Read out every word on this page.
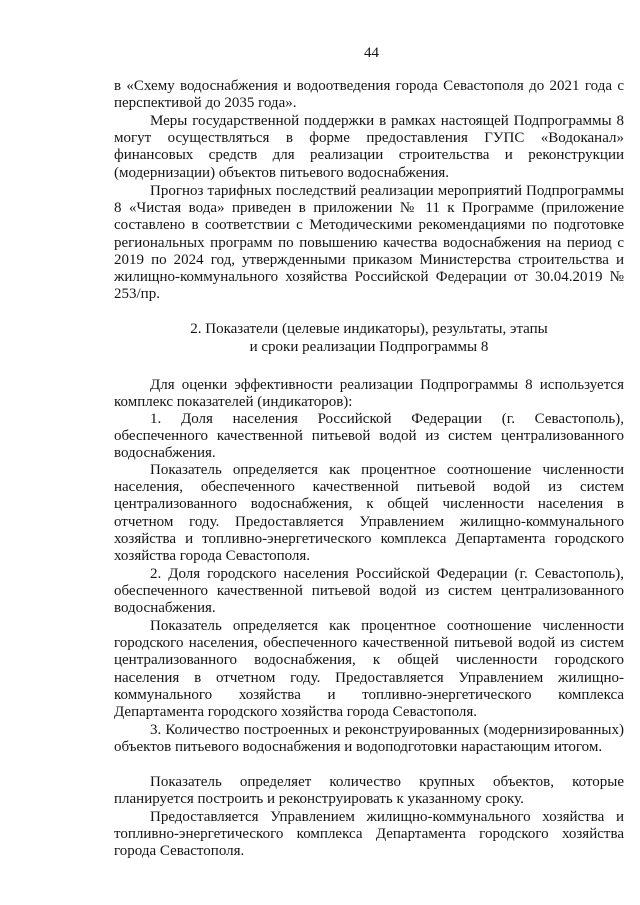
44

в «Схему водоснабжения и водоотведения города Севастополя до 2021 года с перспективой до 2035 года».

Меры государственной поддержки в рамках настоящей Подпрограммы 8 могут осуществляться в форме предоставления ГУПС «Водоканал» финансовых средств для реализации строительства и реконструкции (модернизации) объектов питьевого водоснабжения.

Прогноз тарифных последствий реализации мероприятий Подпрограммы 8 «Чистая вода» приведен в приложении № 11 к Программе (приложение составлено в соответствии с Методическими рекомендациями по подготовке региональных программ по повышению качества водоснабжения на период с 2019 по 2024 год, утвержденными приказом Министерства строительства и жилищно-коммунального хозяйства Российской Федерации от 30.04.2019 № 253/пр.

2. Показатели (целевые индикаторы), результаты, этапы
и сроки реализации Подпрограммы 8

Для оценки эффективности реализации Подпрограммы 8 используется комплекс показателей (индикаторов):

1. Доля населения Российской Федерации (г. Севастополь), обеспеченного качественной питьевой водой из систем централизованного водоснабжения.

Показатель определяется как процентное соотношение численности населения, обеспеченного качественной питьевой водой из систем централизованного водоснабжения, к общей численности населения в отчетном году. Предоставляется Управлением жилищно-коммунального хозяйства и топливно-энергетического комплекса Департамента городского хозяйства города Севастополя.

2. Доля городского населения Российской Федерации (г. Севастополь), обеспеченного качественной питьевой водой из систем централизованного водоснабжения.

Показатель определяется как процентное соотношение численности городского населения, обеспеченного качественной питьевой водой из систем централизованного водоснабжения, к общей численности городского населения в отчетном году. Предоставляется Управлением жилищно-коммунального хозяйства и топливно-энергетического комплекса Департамента городского хозяйства города Севастополя.

3. Количество построенных и реконструированных (модернизированных) объектов питьевого водоснабжения и водоподготовки нарастающим итогом.

Показатель определяет количество крупных объектов, которые планируется построить и реконструировать к указанному сроку.

Предоставляется Управлением жилищно-коммунального хозяйства и топливно-энергетического комплекса Департамента городского хозяйства города Севастополя.
